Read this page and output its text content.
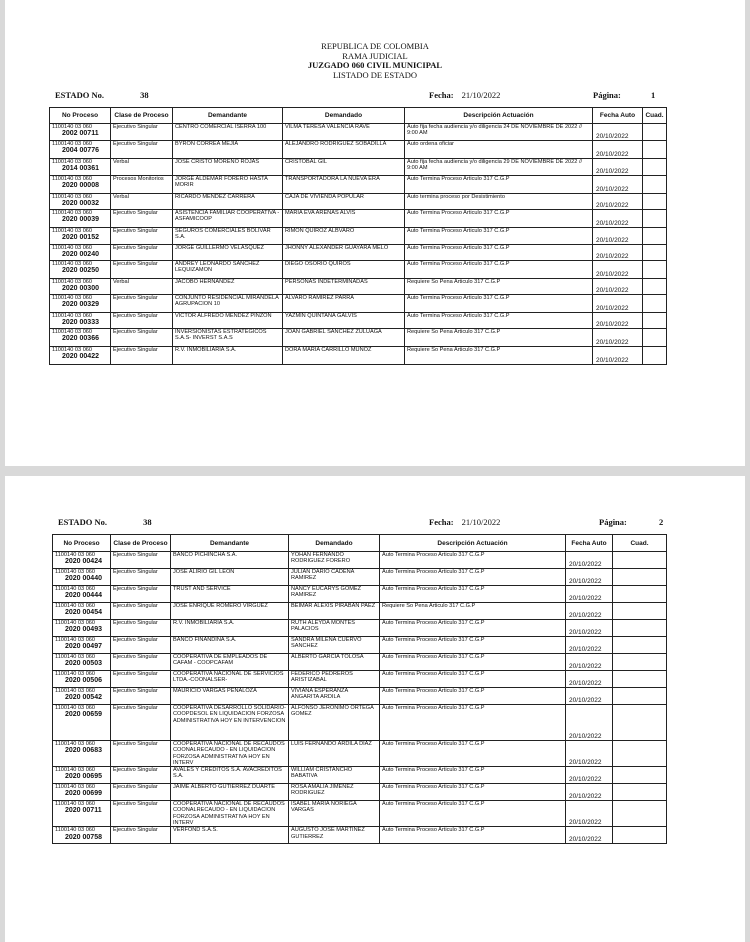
REPUBLICA DE COLOMBIA
RAMA JUDICIAL
JUZGADO 060 CIVIL MUNICIPAL
LISTADO DE ESTADO
ESTADO No.	38	Fecha: 21/10/2022	Página:	1
No Proceso	Clase de Proceso	Demandante	Demandado	Descripción Actuación	Fecha Auto	Cuad.

1100140 03 060
2002 00711	Ejecutivo Singular	CENTRO COMERCIAL ISERRA 100	VILMA TERESA VALENCIA RAVE	Auto fija fecha audiencia y/o diligencia 24 DE NOVIEMBRE DE 2022 // 9:00 AM	20/10/2022	

1100140 03 060
2004 00776	Ejecutivo Singular	BYRON CORREA MEJIA	ALEJANDRO RODRIGUEZ SOBADILLA	Auto ordena oficiar	20/10/2022	

1100140 03 060
2014 00361	Verbal	JOSE CRISTO MORENO ROJAS	CRISTOBAL GIL	Auto fija fecha audiencia y/o diligencia 29 DE NOVIEMBRE DE 2022 // 9:00 AM	20/10/2022	

1100140 03 060
2020 00008	Procesos Monitorios	JORGE ALDEMAR FORERO HASTA MORIR	TRANSPORTADORA LA NUEVA ERA	Auto Termina Proceso Articulo 317 C.G.P	20/10/2022	

1100140 03 060
2020 00032	Verbal	RICARDO MENDEZ CARRERA	CAJA DE VIVIENDA POPULAR	Auto termina proceso por Desistimiento	20/10/2022	

1100140 03 060
2020 00039	Ejecutivo Singular	ASISTENCIA FAMILIAR COOPERATIVA - ASFAMICOOP	MARIA EVA ARENAS ALVIS	Auto Termina Proceso Articulo 317 C.G.P	20/10/2022	

1100140 03 060
2020 00152	Ejecutivo Singular	SEGUROS COMERCIALES BOLIVAR S.A.	RIMON QUIROZ ALBVARO	Auto Termina Proceso Articulo 317 C.G.P	20/10/2022	

1100140 03 060
2020 00240	Ejecutivo Singular	JORGE GUILLERMO VELASQUEZ	JHONNY ALEXANDER GUAYARA MELO	Auto Termina Proceso Articulo 317 C.G.P	20/10/2022	

1100140 03 060
2020 00250	Ejecutivo Singular	ANDREY LEONARDO SANCHEZ LEQUIZAMON	DIEGO OSORIO QUIROS	Auto Termina Proceso Articulo 317 C.G.P	20/10/2022	

1100140 03 060
2020 00300	Verbal	JACOBO HERNANDEZ	PERSONAS INDETERMINADAS	Requiere So Pena Articulo 317 C.G.P	20/10/2022	

1100140 03 060
2020 00329	Ejecutivo Singular	CONJUNTO RESIDENCIAL MIRANDELA AGRUPACION 10	ALVARO RAMIREZ PARRA	Auto Termina Proceso Articulo 317 C.G.P	20/10/2022	

1100140 03 060
2020 00333	Ejecutivo Singular	VICTOR ALFREDO MENDEZ PINZON	YAZMIN QUINTANA GALVIS	Auto Termina Proceso Articulo 317 C.G.P	20/10/2022	

1100140 03 060
2020 00366	Ejecutivo Singular	INVERSIONISTAS ESTRATEGICOS S.A.S- INVERST S.A.S	JOAN GABRIEL SANCHEZ ZULUAGA	Requiere So Pena Articulo 317 C.G.P	20/10/2022	

1100140 03 060
2020 00422	Ejecutivo Singular	R.V. INMOBILIARIA S.A.	DORA MARIA CARRILLO MUÑOZ	Requiere So Pena Articulo 317 C.G.P	20/10/2022	
ESTADO No.	38	Fecha: 21/10/2022	Página:	2
No Proceso	Clase de Proceso	Demandante	Demandado	Descripción Actuación	Fecha Auto	Cuad.

1100140 03 060
2020 00424	Ejecutivo Singular	BANCO PICHINCHA S.A.	YOHAN FERNANDO RODRIGUEZ FORERO	Auto Termina Proceso Articulo 317 C.G.P	20/10/2022	

1100140 03 060
2020 00440	Ejecutivo Singular	JOSE ALIRIO GIL LEON	JULIAN DARIO CADENA RAMIREZ	Auto Termina Proceso Articulo 317 C.G.P	20/10/2022	

1100140 03 060
2020 00444	Ejecutivo Singular	TRUST AND SERVICE	NANCY EUCARYS GOMEZ RAMIREZ	Auto Termina Proceso Articulo 317 C.G.P	20/10/2022	

1100140 03 060
2020 00454	Ejecutivo Singular	JOSE ENRIQUE ROMERO VIRGUEZ	BEIMAR ALEXIS PIRABAN PAEZ	Requiere So Pena Articulo 317 C.G.P	20/10/2022	

1100140 03 060
2020 00493	Ejecutivo Singular	R.V. INMOBILIARIA S.A.	RUTH ALEYDA MONTES PALACIOS	Auto Termina Proceso Articulo 317 C.G.P	20/10/2022	

1100140 03 060
2020 00497	Ejecutivo Singular	BANCO FINANDINA S.A.	SANDRA MILENA CUERVO SANCHEZ	Auto Termina Proceso Articulo 317 C.G.P	20/10/2022	

1100140 03 060
2020 00503	Ejecutivo Singular	COOPERATIVA DE EMPLEADOS DE CAFAM - COOPCAFAM	ALBERTO GARCIA TOLOSA	Auto Termina Proceso Articulo 317 C.G.P	20/10/2022	

1100140 03 060
2020 00506	Ejecutivo Singular	COOPERATIVA NACIONAL DE SERVICIOS LTDA.-COONALSER-	FEDERICO PEDREROS ARISTIZABAL	Auto Termina Proceso Articulo 317 C.G.P	20/10/2022	

1100140 03 060
2020 00542	Ejecutivo Singular	MAURICIO VARGAS PEÑALOZA	VIVIANA ESPERANZA ANGARITA ARDILA	Auto Termina Proceso Articulo 317 C.G.P	20/10/2022	

1100140 03 060
2020 00659	Ejecutivo Singular	COOPERATIVA DESARROLLO SOLIDARIO-COOPDESOL EN LIQUIDACION FORZOSA ADMINISTRATIVA HOY EN INTERVENCION	ALFONSO JERONIMO ORTEGA GOMEZ	Auto Termina Proceso Articulo 317 C.G.P	20/10/2022	

1100140 03 060
2020 00683	Ejecutivo Singular	COOPERATIVA NACIONAL DE RECAUDOS COONALRECAUDO - EN LIQUIDACION FORZOSA ADMINISTRATIVA HOY EN INTERV	LUIS FERNANDO ARDILA DIAZ	Auto Termina Proceso Articulo 317 C.G.P	20/10/2022	

1100140 03 060
2020 00695	Ejecutivo Singular	AVALES Y CREDITOS S.A. AVACREDITOS S.A.	WILLIAM CRISTANCHO BABATIVA	Auto Termina Proceso Articulo 317 C.G.P	20/10/2022	

1100140 03 060
2020 00699	Ejecutivo Singular	JAIME ALBERTO GUTIERREZ DUARTE	ROSA AMALIA JIMENEZ RODRIGUEZ	Auto Termina Proceso Articulo 317 C.G.P	20/10/2022	

1100140 03 060
2020 00711	Ejecutivo Singular	COOPERATIVA NACIONAL DE RECAUDOS COONALRECAUDO - EN LIQUIDACION FORZOSA ADMINISTRATIVA HOY EN INTERV	ISABEL MARIA NORIEGA VARGAS	Auto Termina Proceso Articulo 317 C.G.P	20/10/2022	

1100140 03 060
2020 00758	Ejecutivo Singular	VERFOND S.A.S.	AUGUSTO JOSE MARTINEZ GUTIERREZ	Auto Termina Proceso Articulo 317 C.G.P	20/10/2022	
